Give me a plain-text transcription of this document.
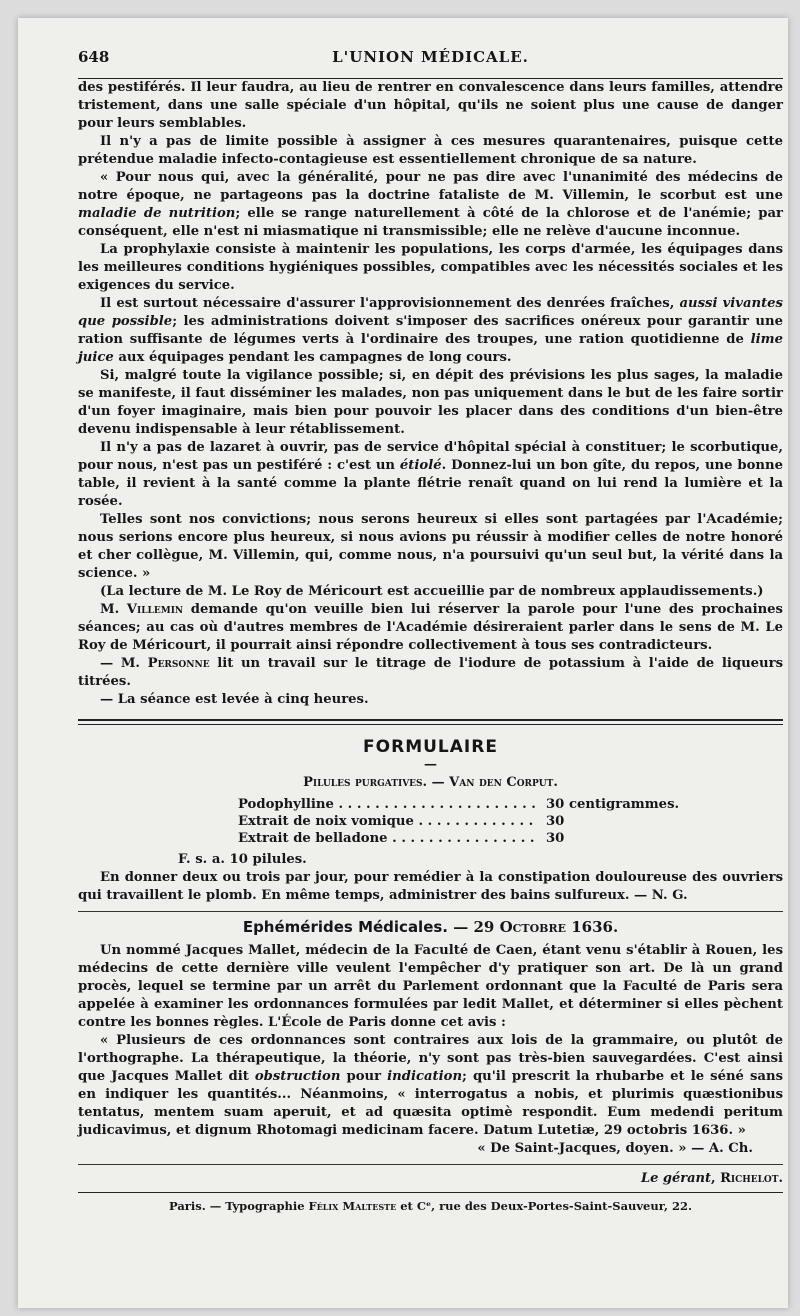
648	L'UNION MÉDICALE.

des pestiférés. Il leur faudra, au lieu de rentrer en convalescence dans leurs familles, attendre tristement, dans une salle spéciale d'un hôpital, qu'ils ne soient plus une cause de danger pour leurs semblables.

Il n'y a pas de limite possible à assigner à ces mesures quarantenaires, puisque cette prétendue maladie infecto-contagieuse est essentiellement chronique de sa nature.

« Pour nous qui, avec la généralité, pour ne pas dire avec l'unanimité des médecins de notre époque, ne partageons pas la doctrine fataliste de M. Villemin, le scorbut est une maladie de nutrition; elle se range naturellement à côté de la chlorose et de l'anémie; par conséquent, elle n'est ni miasmatique ni transmissible; elle ne relève d'aucune inconnue.

La prophylaxie consiste à maintenir les populations, les corps d'armée, les équipages dans les meilleures conditions hygiéniques possibles, compatibles avec les nécessités sociales et les exigences du service.

Il est surtout nécessaire d'assurer l'approvisionnement des denrées fraîches, aussi vivantes que possible; les administrations doivent s'imposer des sacrifices onéreux pour garantir une ration suffisante de légumes verts à l'ordinaire des troupes, une ration quotidienne de lime juice aux équipages pendant les campagnes de long cours.

Si, malgré toute la vigilance possible; si, en dépit des prévisions les plus sages, la maladie se manifeste, il faut disséminer les malades, non pas uniquement dans le but de les faire sortir d'un foyer imaginaire, mais bien pour pouvoir les placer dans des conditions d'un bien-être devenu indispensable à leur rétablissement.

Il n'y a pas de lazaret à ouvrir, pas de service d'hôpital spécial à constituer; le scorbutique, pour nous, n'est pas un pestiféré : c'est un étiolé. Donnez-lui un bon gîte, du repos, une bonne table, il revient à la santé comme la plante flétrie renaît quand on lui rend la lumière et la rosée.

Telles sont nos convictions; nous serons heureux si elles sont partagées par l'Académie; nous serions encore plus heureux, si nous avions pu réussir à modifier celles de notre honoré et cher collègue, M. Villemin, qui, comme nous, n'a poursuivi qu'un seul but, la vérité dans la science. »

(La lecture de M. Le Roy de Méricourt est accueillie par de nombreux applaudissements.)

M. Villemin demande qu'on veuille bien lui réserver la parole pour l'une des prochaines séances; au cas où d'autres membres de l'Académie désireraient parler dans le sens de M. Le Roy de Méricourt, il pourrait ainsi répondre collectivement à tous ses contradicteurs.

— M. Personne lit un travail sur le titrage de l'iodure de potassium à l'aide de liqueurs titrées.

— La séance est levée à cinq heures.

FORMULAIRE
—
Pilules purgatives. — Van den Corput.
Podophylline . . .	30 centigrammes.
Extrait de noix vomique . . .	30
Extrait de belladone . . .	30
F. s. a. 10 pilules.

En donner deux ou trois par jour, pour remédier à la constipation douloureuse des ouvriers qui travaillent le plomb. En même temps, administrer des bains sulfureux. — N. G.

Ephémérides Médicales. — 29 Octobre 1636.

Un nommé Jacques Mallet, médecin de la Faculté de Caen, étant venu s'établir à Rouen, les médecins de cette dernière ville veulent l'empêcher d'y pratiquer son art. De là un grand procès, lequel se termine par un arrêt du Parlement ordonnant que la Faculté de Paris sera appelée à examiner les ordonnances formulées par ledit Mallet, et déterminer si elles pèchent contre les bonnes règles. L'École de Paris donne cet avis :

« Plusieurs de ces ordonnances sont contraires aux lois de la grammaire, ou plutôt de l'orthographe. La thérapeutique, la théorie, n'y sont pas très-bien sauvegardées. C'est ainsi que Jacques Mallet dit obstruction pour indication; qu'il prescrit la rhubarbe et le séné sans en indiquer les quantités... Néanmoins, « interrogatus a nobis, et plurimis quæstionibus tentatus, mentem suam aperuit, et ad quæsita optimè respondit. Eum medendi peritum judicavimus, et dignum Rhotomagi medicinam facere. Datum Lutetiæ, 29 octobris 1636. »

« De Saint-Jacques, doyen. » — A. Ch.
Le gérant, Richelot.
Paris. — Typographie Félix Malteste et Cᵉ, rue des Deux-Portes-Saint-Sauveur, 22.
